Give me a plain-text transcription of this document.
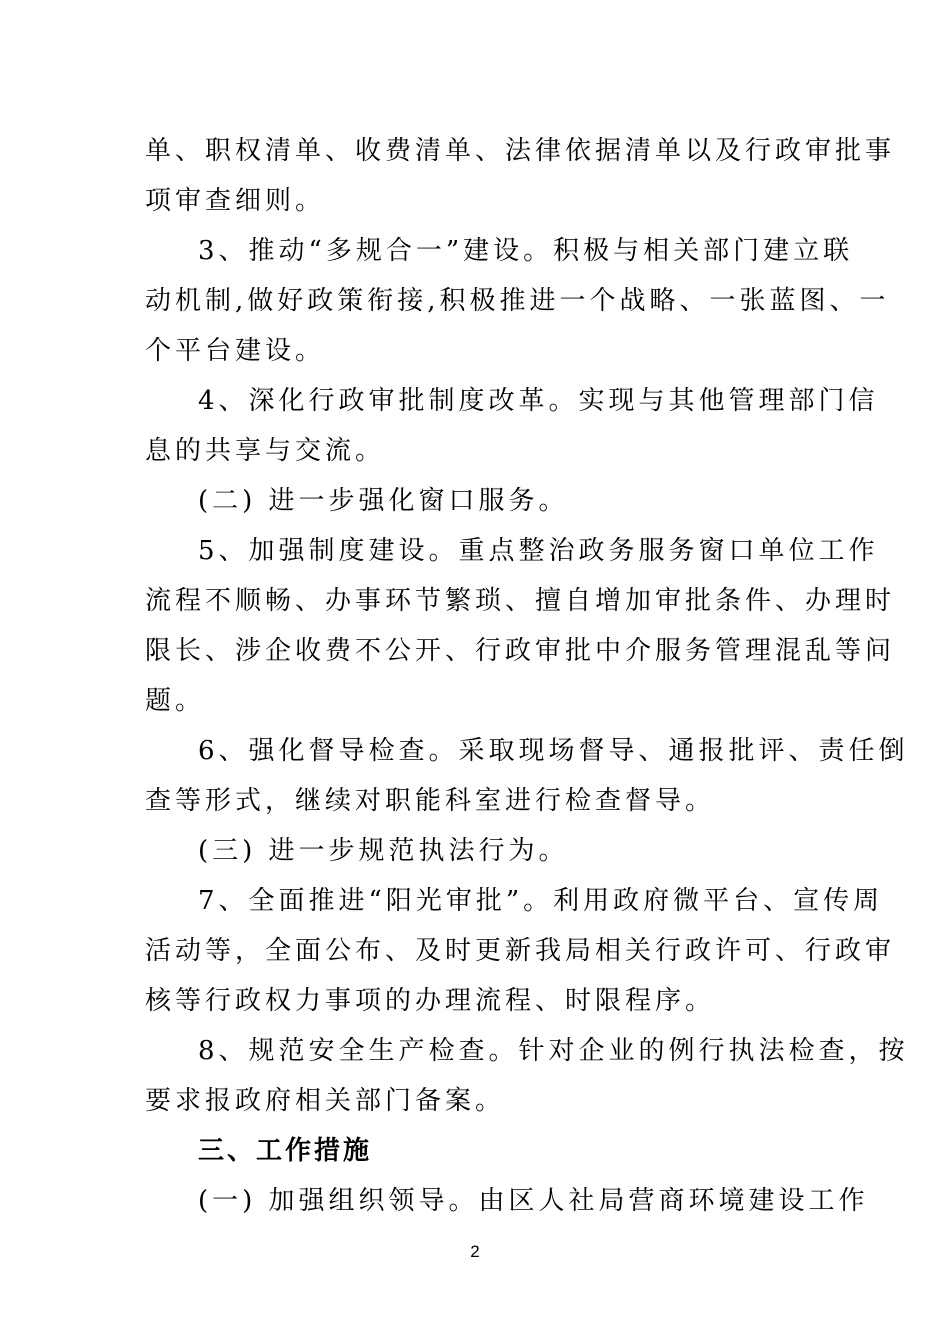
单、职权清单、收费清单、法律依据清单以及行政审批事
项审查细则。
3、推动“多规合一”建设。积极与相关部门建立联
动机制,做好政策衔接,积极推进一个战略、一张蓝图、一
个平台建设。
4、深化行政审批制度改革。实现与其他管理部门信
息的共享与交流。
(二) 进一步强化窗口服务。
5、加强制度建设。重点整治政务服务窗口单位工作
流程不顺畅、办事环节繁琐、擅自增加审批条件、办理时
限长、涉企收费不公开、行政审批中介服务管理混乱等问
题。
6、强化督导检查。采取现场督导、通报批评、责任倒
查等形式，继续对职能科室进行检查督导。
(三) 进一步规范执法行为。
7、全面推进“阳光审批”。利用政府微平台、宣传周
活动等，全面公布、及时更新我局相关行政许可、行政审
核等行政权力事项的办理流程、时限程序。
8、规范安全生产检查。针对企业的例行执法检查，按
要求报政府相关部门备案。
三、工作措施
(一) 加强组织领导。由区人社局营商环境建设工作
2
